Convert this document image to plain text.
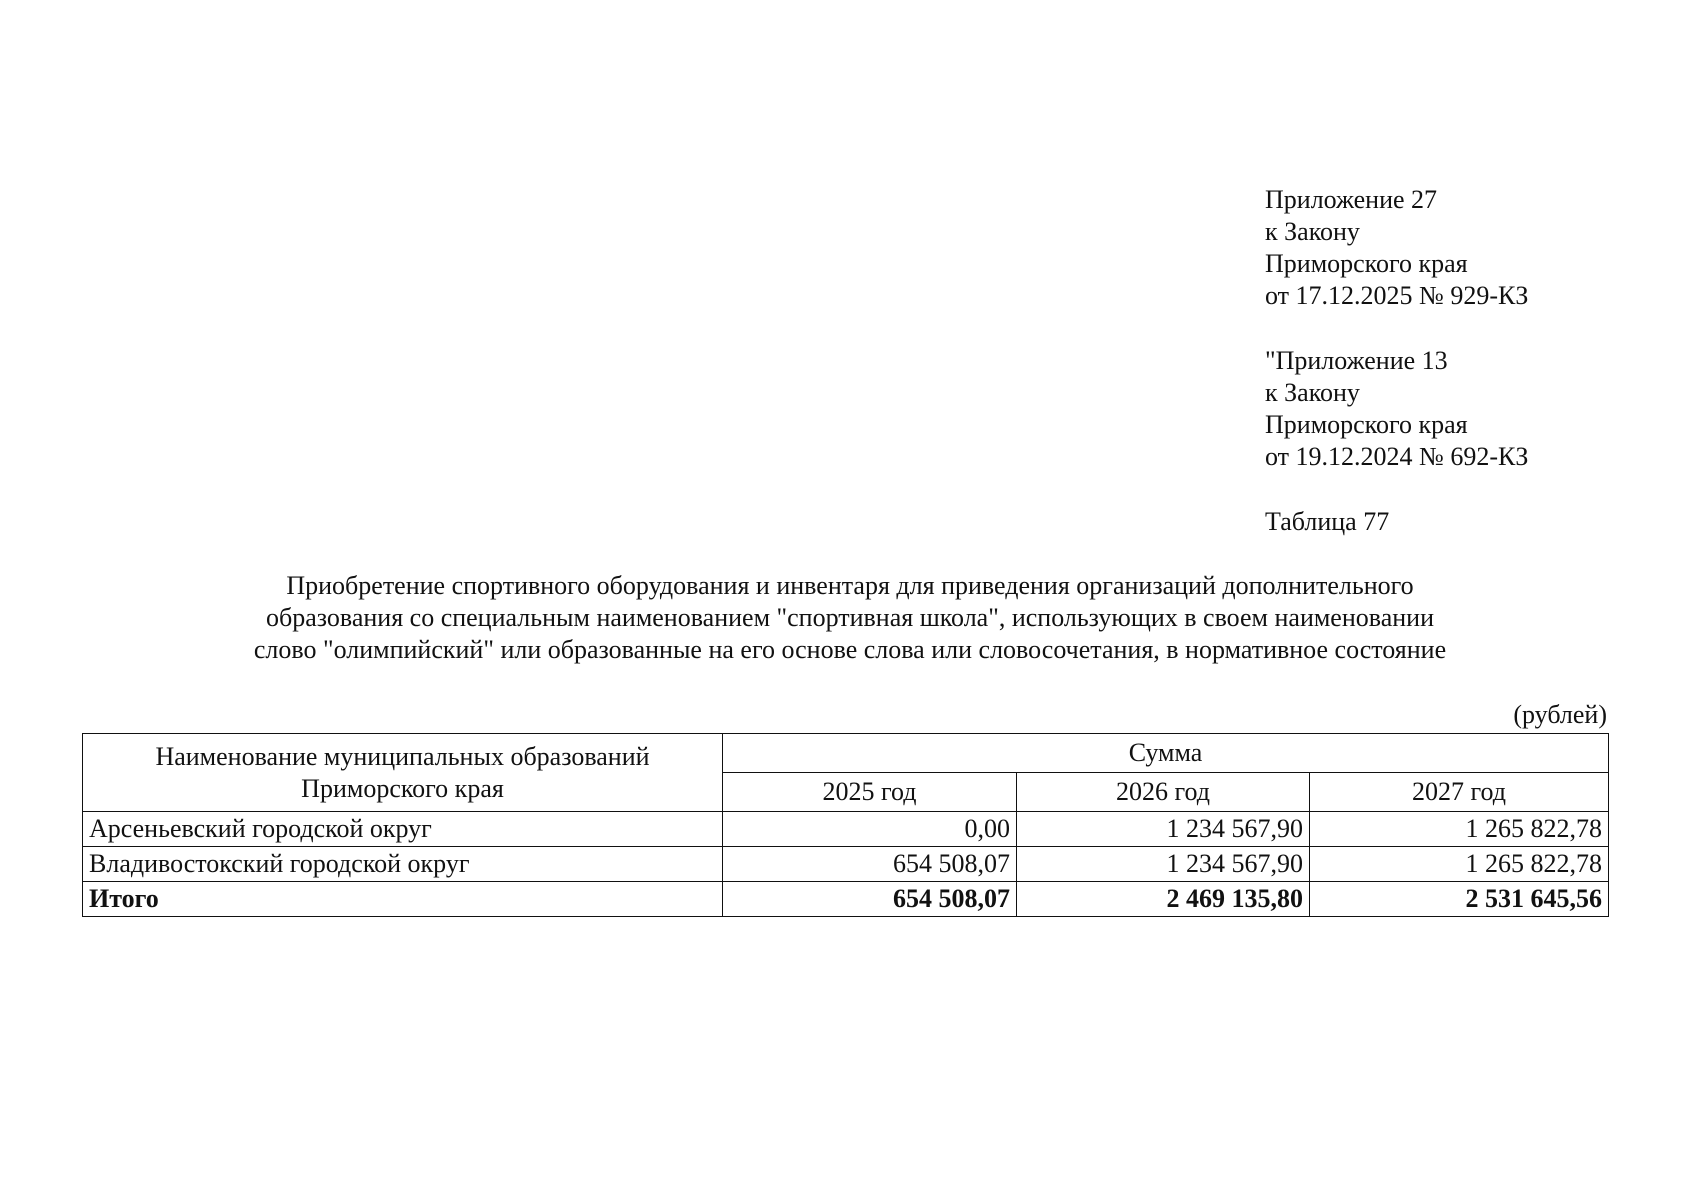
Приложение 27
к Закону
Приморского края
от 17.12.2025 № 929-КЗ
"Приложение 13
к Закону
Приморского края
от 19.12.2024 № 692-КЗ
Таблица 77
Приобретение спортивного оборудования и инвентаря для приведения организаций дополнительного
образования со специальным наименованием "спортивная школа", использующих в своем наименовании
слово "олимпийский" или образованные на его основе слова или словосочетания, в нормативное состояние
(рублей)
Наименование муниципальных образований
Приморского края	Сумма		
	2025 год	2026 год	2027 год
Арсеньевский городской округ	0,00	1 234 567,90	1 265 822,78
Владивостокский городской округ	654 508,07	1 234 567,90	1 265 822,78
Итого	654 508,07	2 469 135,80	2 531 645,56
